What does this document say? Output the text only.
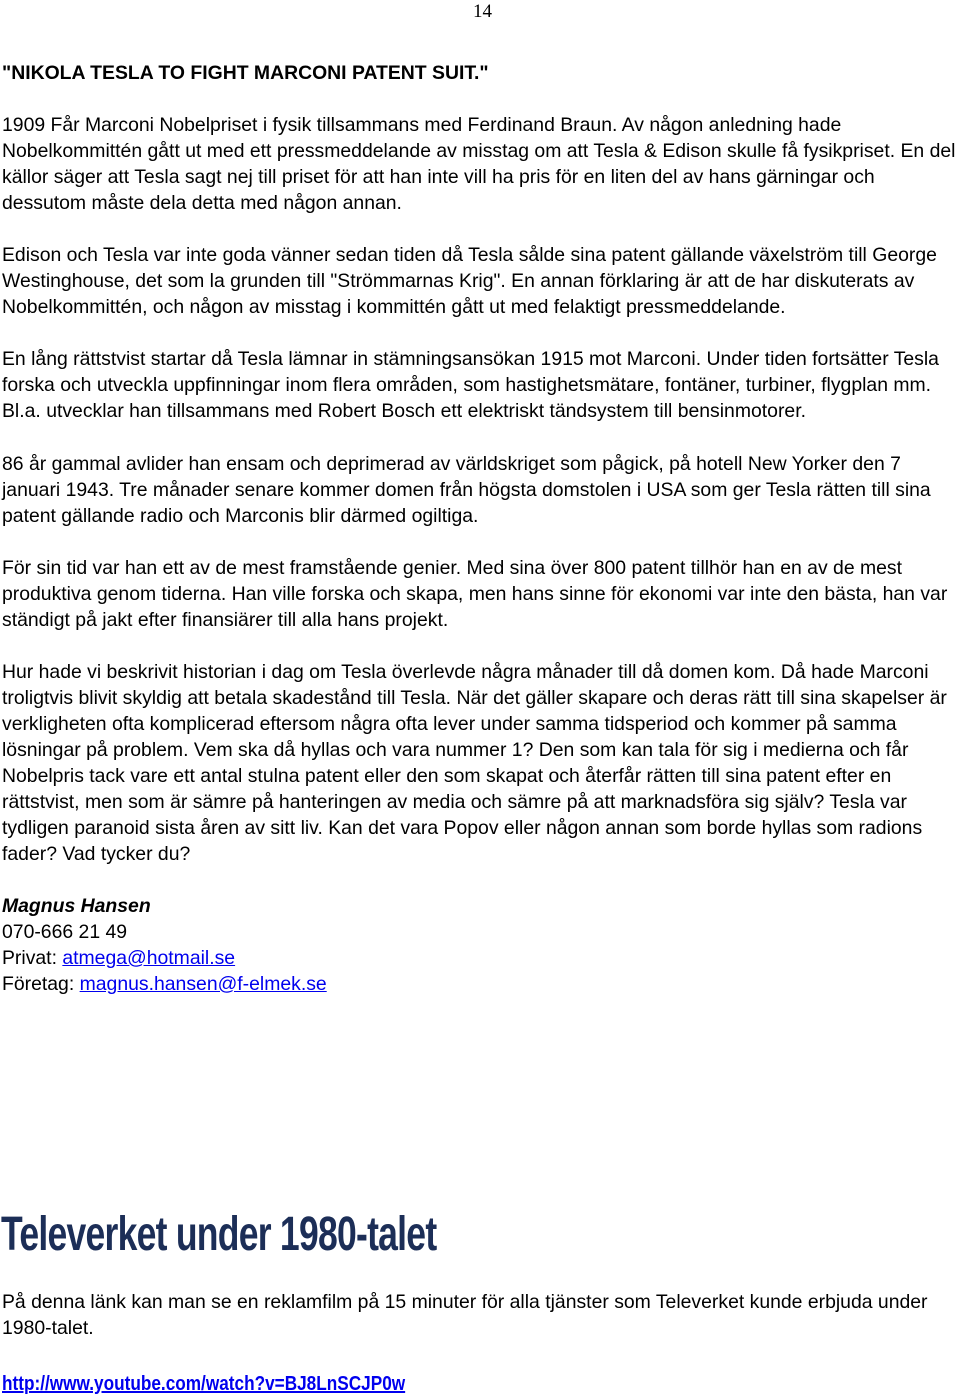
14

"NIKOLA TESLA TO FIGHT MARCONI PATENT SUIT."

1909 Får Marconi Nobelpriset i fysik tillsammans med Ferdinand Braun. Av någon anledning hade Nobelkommittén gått ut med ett pressmeddelande av misstag om att Tesla & Edison skulle få fysikpriset. En del källor säger att Tesla sagt nej till priset för att han inte vill ha pris för en liten del av hans gärningar och dessutom måste dela detta med någon annan.

Edison och Tesla var inte goda vänner sedan tiden då Tesla sålde sina patent gällande växelström till George Westinghouse, det som la grunden till "Strömmarnas Krig". En annan förklaring är att de har diskuterats av Nobelkommittén, och någon av misstag i kommittén gått ut med felaktigt pressmeddelande.

En lång rättstvist startar då Tesla lämnar in stämningsansökan 1915 mot Marconi. Under tiden fortsätter Tesla forska och utveckla uppfinningar inom flera områden, som hastighetsmätare, fontäner, turbiner, flygplan mm. Bl.a. utvecklar han tillsammans med Robert Bosch ett elektriskt tändsystem till bensinmotorer.

86 år gammal avlider han ensam och deprimerad av världskriget som pågick, på hotell New Yorker den 7 januari 1943. Tre månader senare kommer domen från högsta domstolen i USA som ger Tesla rätten till sina patent gällande radio och Marconis blir därmed ogiltiga.

För sin tid var han ett av de mest framstående genier. Med sina över 800 patent tillhör han en av de mest produktiva genom tiderna. Han ville forska och skapa, men hans sinne för ekonomi var inte den bästa, han var ständigt på jakt efter finansiärer till alla hans projekt.

Hur hade vi beskrivit historian i dag om Tesla överlevde några månader till då domen kom. Då hade Marconi troligtvis blivit skyldig att betala skadestånd till Tesla. När det gäller skapare och deras rätt till sina skapelser är verkligheten ofta komplicerad eftersom några ofta lever under samma tidsperiod och kommer på samma lösningar på problem. Vem ska då hyllas och vara nummer 1? Den som kan tala för sig i medierna och får Nobelpris tack vare ett antal stulna patent eller den som skapat och återfår rätten till sina patent efter en rättstvist, men som är sämre på hanteringen av media och sämre på att marknadsföra sig själv? Tesla var tydligen paranoid sista åren av sitt liv. Kan det vara Popov eller någon annan som borde hyllas som radions fader? Vad tycker du?

Magnus Hansen

070-666 21 49

Privat: atmega@hotmail.se

Företag: magnus.hansen@f-elmek.se

Televerket under 1980-talet

På denna länk kan man se en reklamfilm på 15 minuter för alla tjänster som Televerket kunde erbjuda under 1980-talet.

http://www.youtube.com/watch?v=BJ8LnSCJP0w
